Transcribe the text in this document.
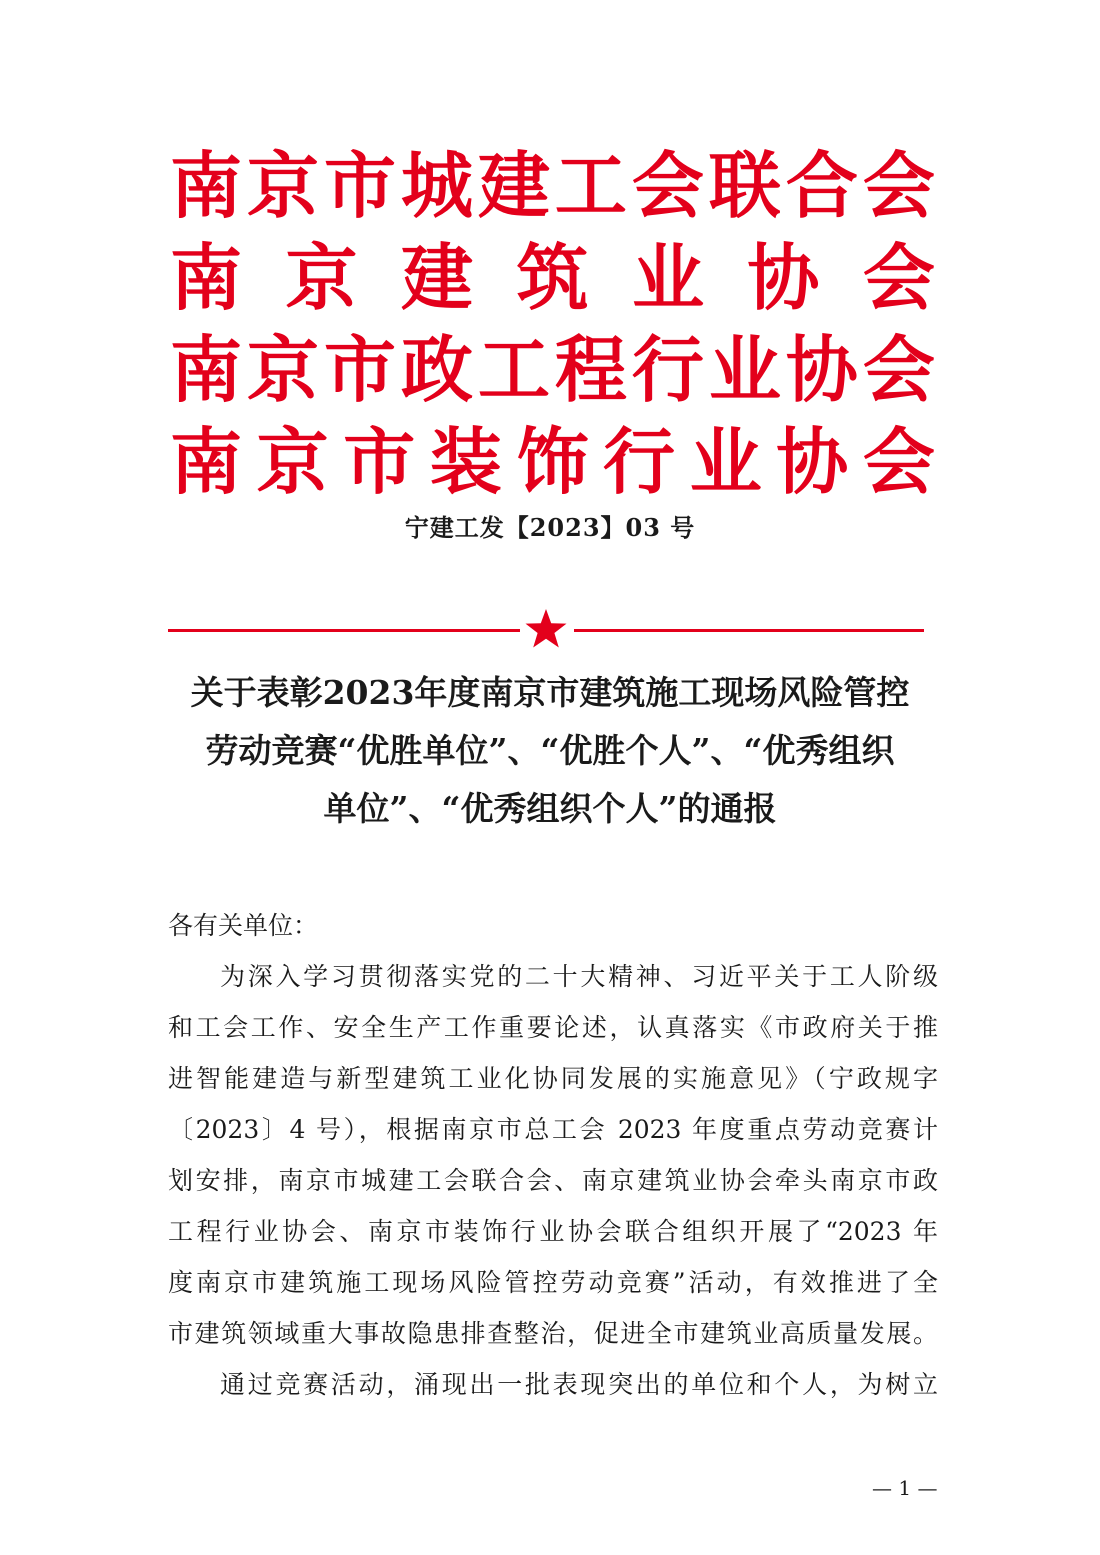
南 京 市 城 建 工 会 联 合 会
南 京 建 筑 业 协 会
南 京 市 政 工 程 行 业 协 会
南 京 市 装 饰 行 业 协 会
宁建工发【2023】03 号
关于表彰2023年度南京市建筑施工现场风险管控
劳动竞赛“优胜单位”、“优胜个人”、“优秀组织
单位”、“优秀组织个人”的通报
各有关单位：
为深入学习贯彻落实党的二十大精神、习近平关于工人阶级
和工会工作、安全生产工作重要论述，认真落实《市政府关于推
进智能建造与新型建筑工业化协同发展的实施意见》（宁政规字
〔2023〕4 号），根据南京市总工会 2023 年度重点劳动竞赛计
划安排，南京市城建工会联合会、南京建筑业协会牵头南京市政
工程行业协会、南京市装饰行业协会联合组织开展了“2023 年
度南京市建筑施工现场风险管控劳动竞赛”活动，有效推进了全
市建筑领域重大事故隐患排查整治，促进全市建筑业高质量发展。
通过竞赛活动，涌现出一批表现突出的单位和个人，为树立
— 1 —
